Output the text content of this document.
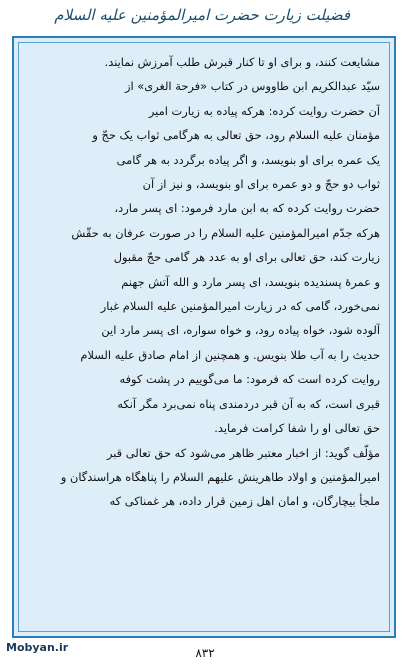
فضیلت زیارت حضرت امیرالمؤمنین علیه السلام
مشایعت کنند، و برای او تا کنار قبرش طلب آمرزش نمایند.
سیّد عبدالکریم ابن طاووس در کتاب «فرحة الغری» از
آن حضرت روایت کرده: هرکه پیاده به زیارت امیر
مؤمنان علیه السلام رود، حق تعالی به هرگامی ثواب یک حجّ و
یک عمره برای او بنویسد، و اگر پیاده برگردد به هر گامی
ثواب دو حجّ و دو عمره برای او بنویسد، و نیز از آن
حضرت روایت کرده که به ابن مارد فرمود: ای پسر مارد،
هرکه جدّم امیرالمؤمنین علیه السلام را در صورت عرفان به حقّش
زیارت کند، حق تعالی برای او به عدد هر گامی حجّ مقبول
و عمرۀ پسندیده بنویسد، ای پسر مارد و الله آتش جهنم
نمی‌خورد، گامی که در زیارت امیرالمؤمنین علیه السلام غبار
آلوده شود، خواه پیاده رود، و خواه سواره، ای پسر مارد این
حدیث را به آب طلا بنویس. و همچنین از امام صادق علیه السلام
روایت کرده است که فرمود: ما می‌گوییم در پشت کوفه
قبری است، که به آن قبر دردمندی پناه نمی‌برد مگر آنکه
حق تعالی او را شفا کرامت فرماید.
مؤلّف گوید: از اخبار معتبر ظاهر می‌شود که حق تعالی قبر
امیرالمؤمنین و اولاد طاهرینش علیهم السلام را پناهگاه هراسندگان و
ملجأ بیچارگان، و امان اهل زمین قرار داده، هر غمناکی که
Mobyan.ir	۸۳۲
